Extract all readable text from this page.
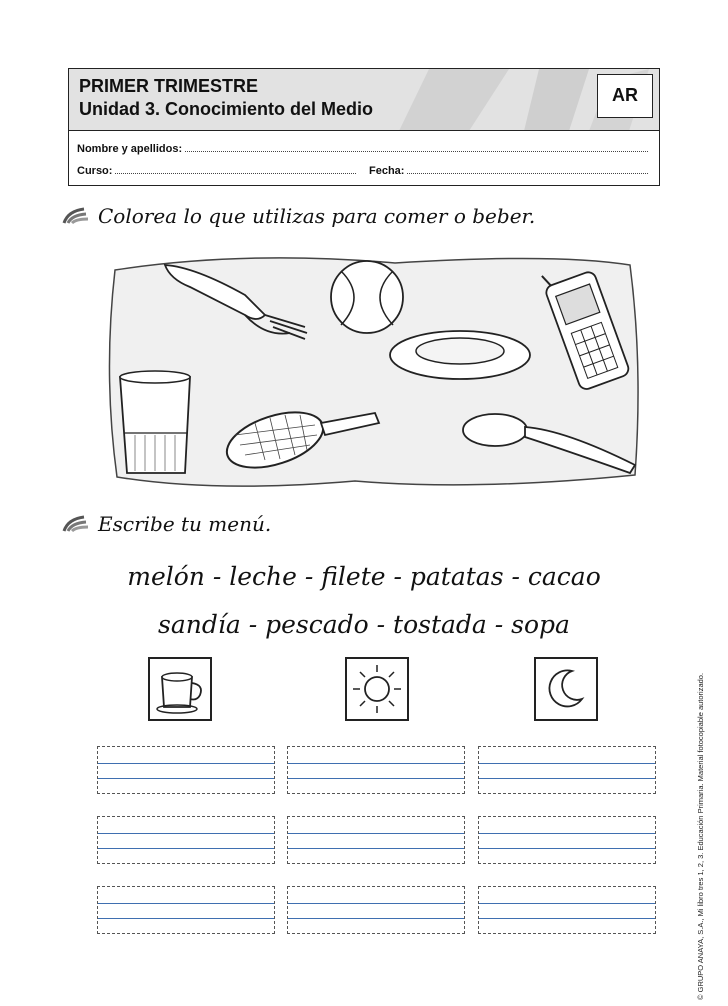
PRIMER TRIMESTRE
Unidad 3. Conocimiento del Medio
AR
Nombre y apellidos:
Curso:	Fecha:
Colorea lo que utilizas para comer o beber.
Escribe tu menú.
melón - leche - filete - patatas - cacao
sandía - pescado - tostada - sopa
© GRUPO ANAYA, S.A., Mi libro tres 1, 2, 3. Educación Primaria. Material fotocopiable autorizado.
